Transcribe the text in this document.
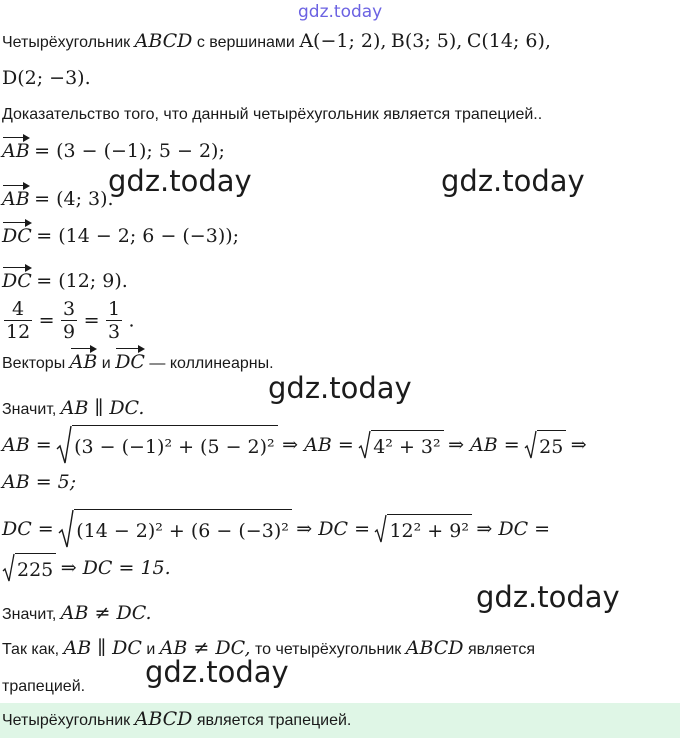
gdz.today
Четырёхугольник ABCD с вершинами A(−1; 2), B(3; 5), C(14; 6),
D(2; −3).
Доказательство того, что данный четырёхугольник является трапецией..
AB = (3 − (−1); 5 − 2);
AB = (4; 3).
DC = (14 − 2; 6 − (−3));
DC = (12; 9).
$\frac{4}{12} = \frac{3}{9} = \frac{1}{3}$ .
Векторы AB и DC — коллинеарны.
Значит, AB ∥ DC.
AB = (3 − (−1)² + (5 − 2)² ⇒ AB = 4² + 3² ⇒ AB = 25 ⇒
AB = 5;
DC = (14 − 2)² + (6 − (−3)² ⇒ DC = 12² + 9² ⇒ DC =
225 ⇒ DC = 15.
Значит, AB ≠ DC.
Так как, AB ∥ DC и AB ≠ DC, то четырёхугольник ABCD является
трапецией.
Четырёхугольник ABCD является трапецией.
gdz.today	gdz.today
gdz.today
gdz.today
gdz.today
